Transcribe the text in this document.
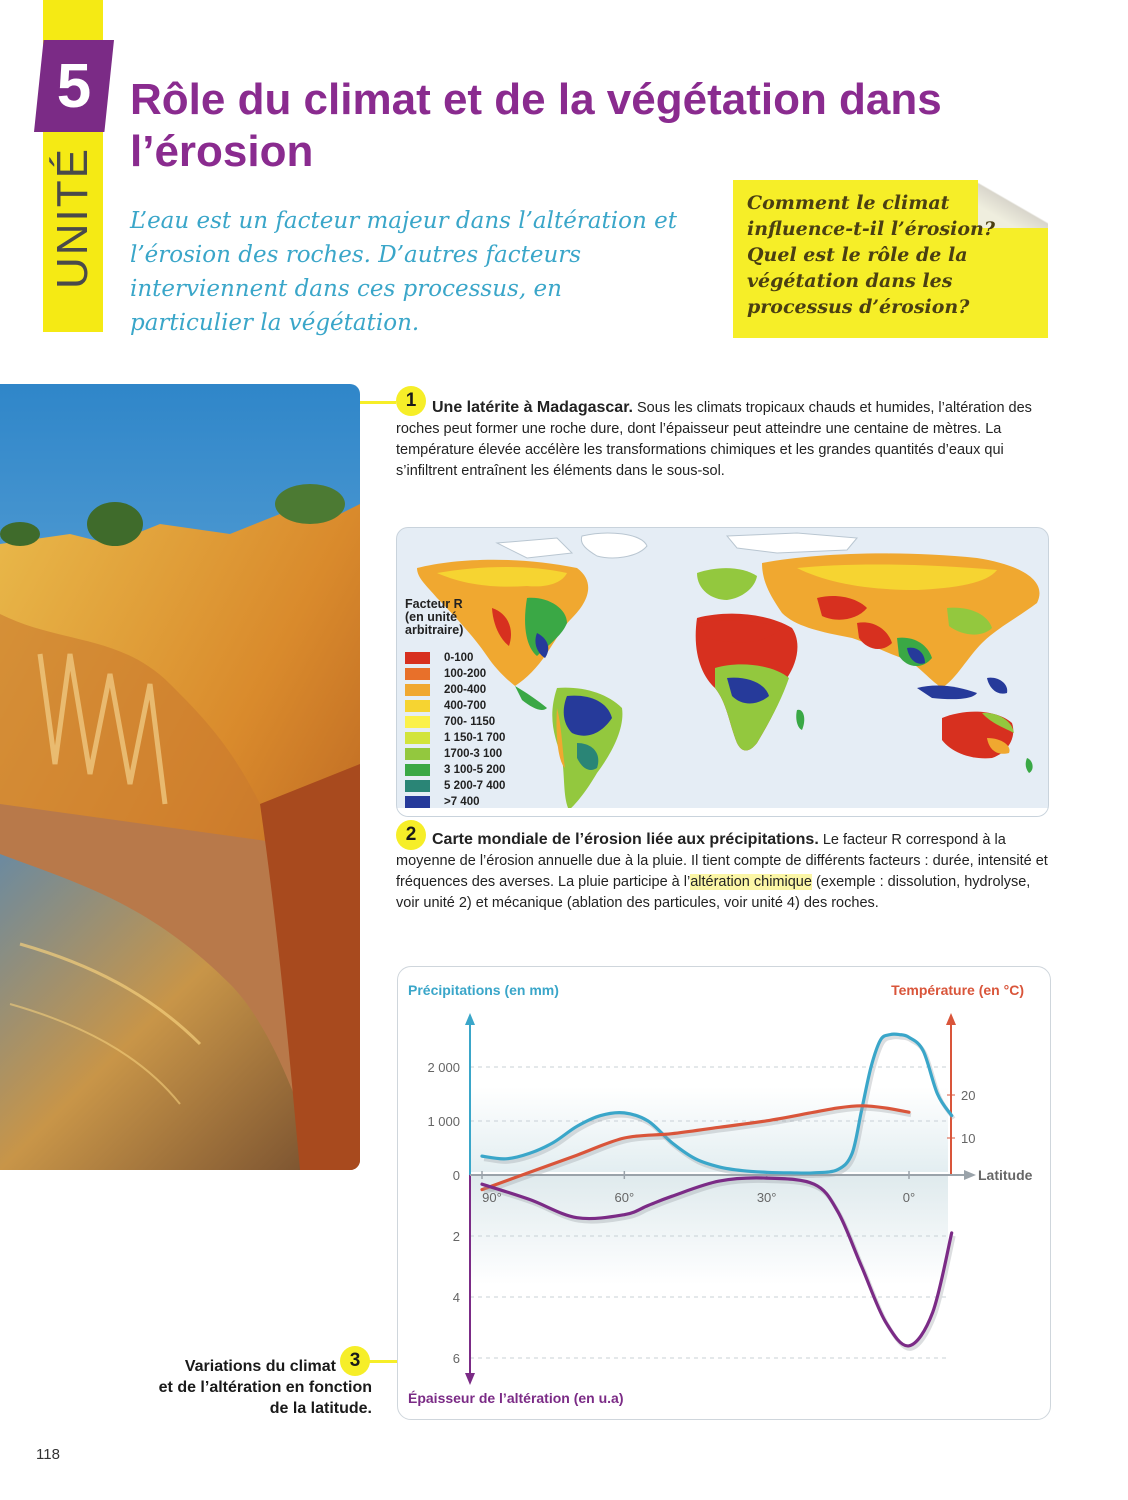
UNITÉ
5 Rôle du climat et de la végétation dans l’érosion
L’eau est un facteur majeur dans l’altération et l’érosion des roches. D’autres facteurs interviennent dans ces processus, en particulier la végétation.
Comment le climat influence-t-il l’érosion? Quel est le rôle de la végétation dans les processus d’érosion?
1 Une latérite à Madagascar. Sous les climats tropicaux chauds et humides, l’altération des roches peut former une roche dure, dont l’épaisseur peut atteindre une centaine de mètres. La température élevée accélère les transformations chimiques et les grandes quantités d’eaux qui s’infiltrent entraînent les éléments dans le sous-sol.
Facteur R
(en unité
arbitraire)
0-100
100-200
200-400
400-700
700- 1150
1 150-1 700
1700-3 100
3 100-5 200
5 200-7 400
>7 400
2 Carte mondiale de l’érosion liée aux précipitations. Le facteur R correspond à la moyenne de l’érosion annuelle due à la pluie. Il tient compte de différents facteurs : durée, intensité et fréquences des averses. La pluie participe à l’altération chimique (exemple : dissolution, hydrolyse, voir unité 2) et mécanique (ablation des particules, voir unité 4) des roches.
90°	60°	30°	0°
0
1 000
2 000
10
20
2
4
6
Précipitations (en mm)	Température (en °C)
Latitude
Épaisseur de l’altération (en u.a)
3
Variations du climat
et de l’altération en fonction
de la latitude.
118
